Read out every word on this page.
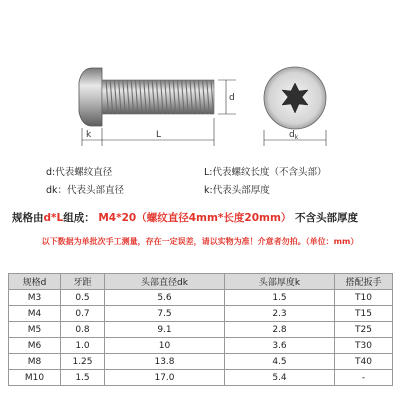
d
k	L	$d_k$
d:代表螺纹直径	L:代表螺纹长度（不含头部）
dk：代表头部直径	k:代表头部厚度
规格由d*L组成： M4*20（螺纹直径4mm*长度20mm） 不含头部厚度
以下数据为单批次手工测量，存在一定误差，请以实物为准！介意者勿拍。（单位：mm）
规格d	牙距	头部直径dk	头部厚度k	搭配扳手
M3	0.5	5.6	1.5	T10
M4	0.7	7.5	2.3	T15
M5	0.8	9.1	2.8	T25
M6	1.0	10	3.6	T30
M8	1.25	13.8	4.5	T40
M10	1.5	17.0	5.4	-
